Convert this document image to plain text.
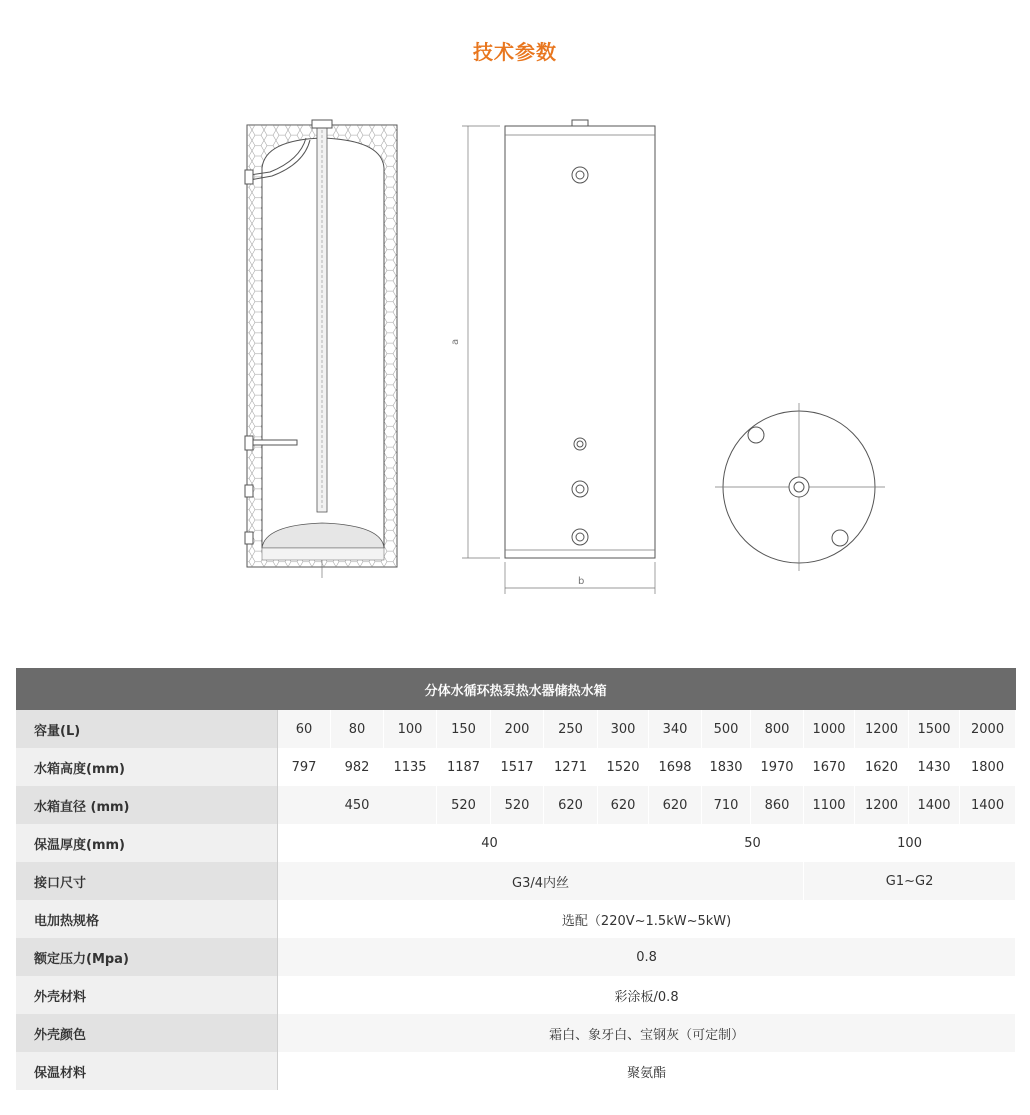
技术参数
a
b
分体水循环热泵热水器储热水箱														
容量(L)	60	80	100	150	200	250	300	340	500	800	1000	1200	1500	2000
水箱高度(mm)	797	982	1135	1187	1517	1271	1520	1698	1830	1970	1670	1620	1430	1800
水箱直径 (mm)	450			520	520	620	620	620	710	860	1100	1200	1400	1400
保温厚度(mm)	40								50		100			
接口尺寸	G3/4内丝										G1~G2			
电加热规格	选配（220V~1.5kW~5kW)													
额定压力(Mpa)	0.8													
外壳材料	彩涂板/0.8													
外壳颜色	霜白、象牙白、宝钢灰（可定制）													
保温材料	聚氨酯													
